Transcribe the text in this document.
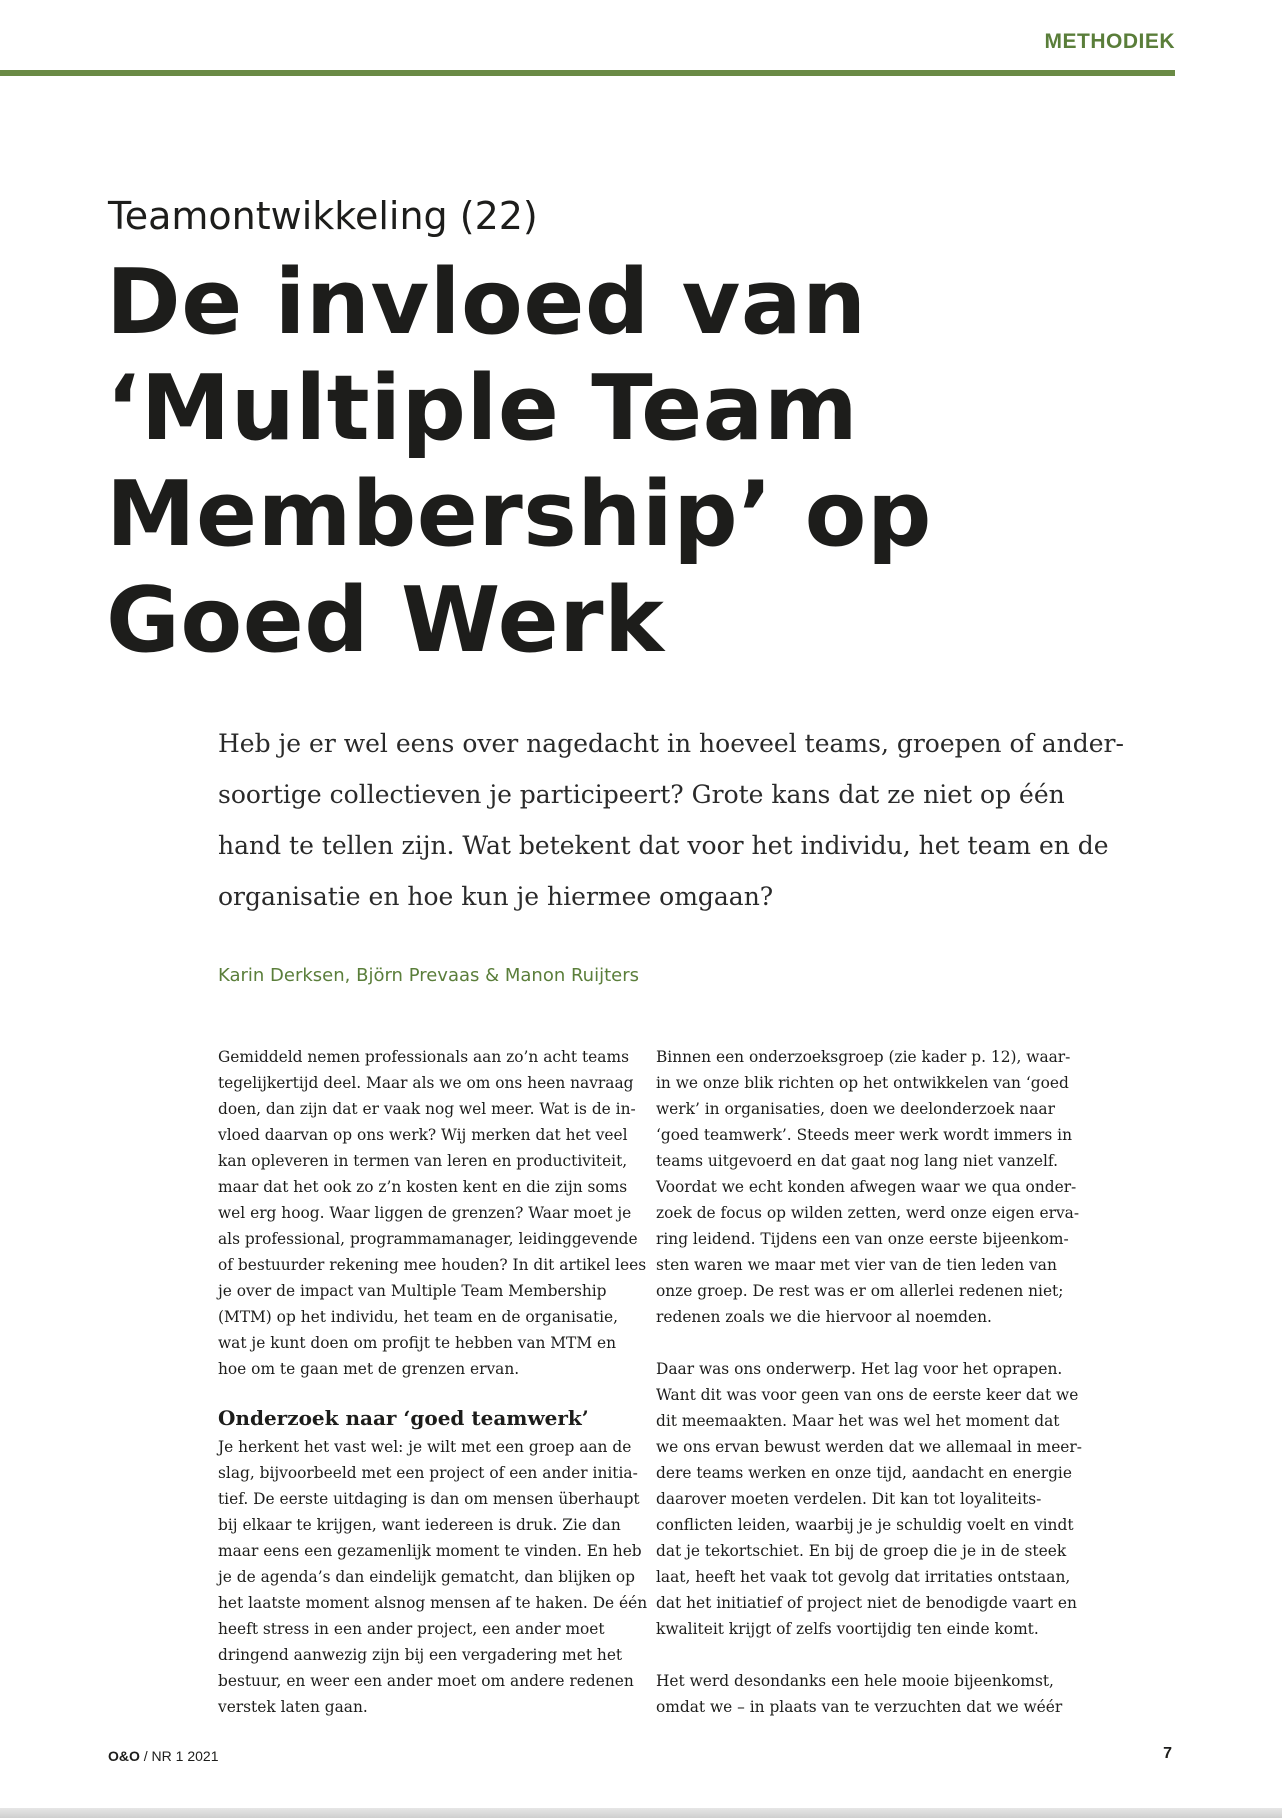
METHODIEK
Teamontwikkeling (22)
De invloed van
‘Multiple Team
Membership’ op
Goed Werk
Heb je er wel eens over nagedacht in hoeveel teams, groepen of ander-
soortige collectieven je participeert? Grote kans dat ze niet op één
hand te tellen zijn. Wat betekent dat voor het individu, het team en de
organisatie en hoe kun je hiermee omgaan?
Karin Derksen, Björn Prevaas & Manon Ruijters
Gemiddeld nemen professionals aan zo’n acht teams
tegelijkertijd deel. Maar als we om ons heen navraag
doen, dan zijn dat er vaak nog wel meer. Wat is de in-
vloed daarvan op ons werk? Wij merken dat het veel
kan opleveren in termen van leren en productiviteit,
maar dat het ook zo z’n kosten kent en die zijn soms
wel erg hoog. Waar liggen de grenzen? Waar moet je
als professional, programmamanager, leidinggevende
of bestuurder rekening mee houden? In dit artikel lees
je over de impact van Multiple Team Membership
(MTM) op het individu, het team en de organisatie,
wat je kunt doen om profijt te hebben van MTM en
hoe om te gaan met de grenzen ervan.
Onderzoek naar ‘goed teamwerk’
Je herkent het vast wel: je wilt met een groep aan de
slag, bijvoorbeeld met een project of een ander initia-
tief. De eerste uitdaging is dan om mensen überhaupt
bij elkaar te krijgen, want iedereen is druk. Zie dan
maar eens een gezamenlijk moment te vinden. En heb
je de agenda’s dan eindelijk gematcht, dan blijken op
het laatste moment alsnog mensen af te haken. De één
heeft stress in een ander project, een ander moet
dringend aanwezig zijn bij een vergadering met het
bestuur, en weer een ander moet om andere redenen
verstek laten gaan.
Binnen een onderzoeksgroep (zie kader p. 12), waar-
in we onze blik richten op het ontwikkelen van ‘goed
werk’ in organisaties, doen we deelonderzoek naar
‘goed teamwerk’. Steeds meer werk wordt immers in
teams uitgevoerd en dat gaat nog lang niet vanzelf.
Voordat we echt konden afwegen waar we qua onder-
zoek de focus op wilden zetten, werd onze eigen erva-
ring leidend. Tijdens een van onze eerste bijeenkom-
sten waren we maar met vier van de tien leden van
onze groep. De rest was er om allerlei redenen niet;
redenen zoals we die hiervoor al noemden.
Daar was ons onderwerp. Het lag voor het oprapen.
Want dit was voor geen van ons de eerste keer dat we
dit meemaakten. Maar het was wel het moment dat
we ons ervan bewust werden dat we allemaal in meer-
dere teams werken en onze tijd, aandacht en energie
daarover moeten verdelen. Dit kan tot loyaliteits-
conflicten leiden, waarbij je je schuldig voelt en vindt
dat je tekortschiet. En bij de groep die je in de steek
laat, heeft het vaak tot gevolg dat irritaties ontstaan,
dat het initiatief of project niet de benodigde vaart en
kwaliteit krijgt of zelfs voortijdig ten einde komt.
Het werd desondanks een hele mooie bijeenkomst,
omdat we – in plaats van te verzuchten dat we wéér
O&O / NR 1 2021	7
